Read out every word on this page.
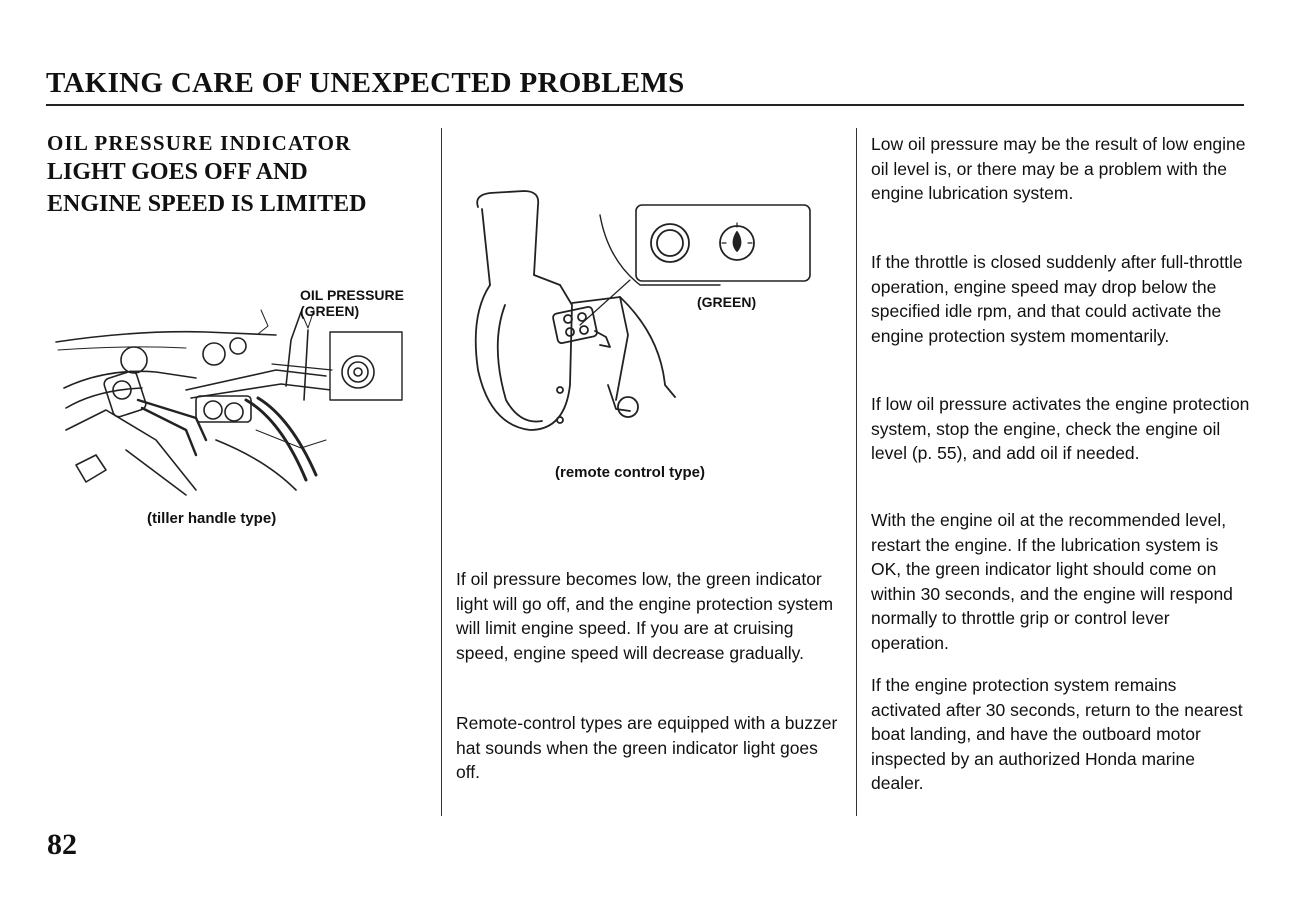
TAKING CARE OF UNEXPECTED PROBLEMS
OIL PRESSURE INDICATOR
LIGHT GOES OFF AND
ENGINE SPEED IS LIMITED
OIL PRESSURE
(GREEN)
(tiller handle type)
(GREEN)
(remote control type)

If oil pressure becomes low, the green indicator light will go off, and the engine protection system will limit engine speed. If you are at cruising speed, engine speed will decrease gradually.

Remote-control types are equipped with a buzzer hat sounds when the green indicator light goes off.

Low oil pressure may be the result of low engine oil level is, or there may be a problem with the engine lubrication system.

If the throttle is closed suddenly after full-throttle operation, engine speed may drop below the specified idle rpm, and that could activate the engine protection system momentarily.

If low oil pressure activates the engine protection system, stop the engine, check the engine oil level (p. 55), and add oil if needed.

With the engine oil at the recommended level, restart the engine. If the lubrication system is OK, the green indicator light should come on within 30 seconds, and the engine will respond normally to throttle grip or control lever operation.

If the engine protection system remains activated after 30 seconds, return to the nearest boat landing, and have the outboard motor inspected by an authorized Honda marine dealer.

82
